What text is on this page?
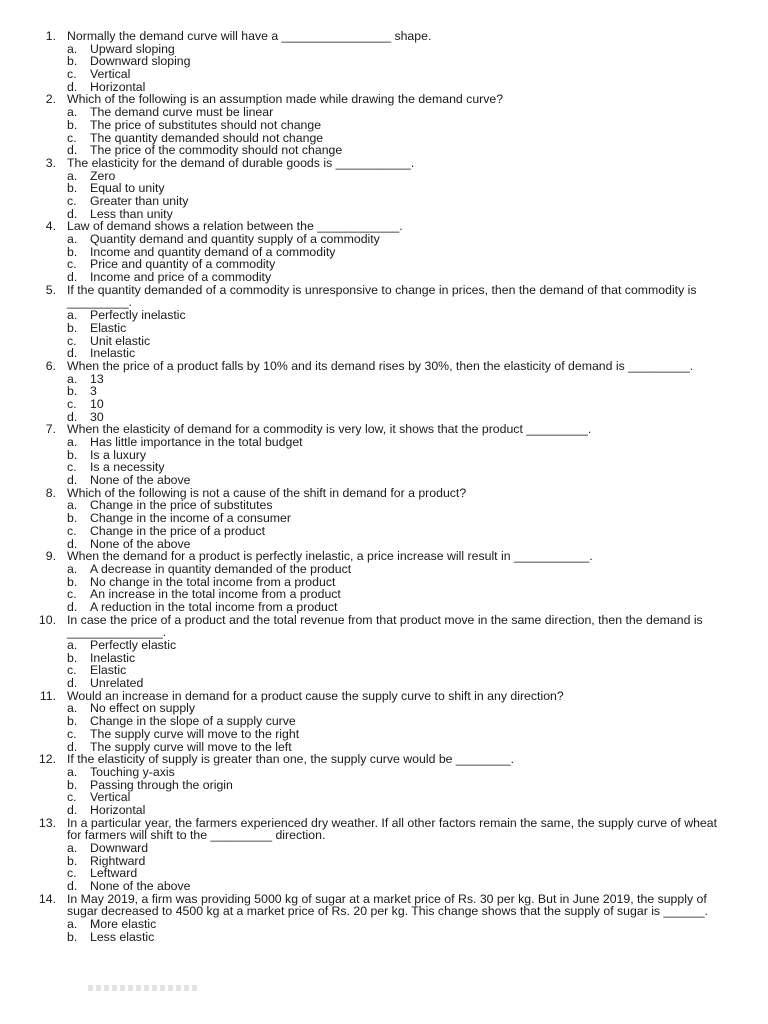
1. Normally the demand curve will have a ________________ shape.
a. Upward sloping
b. Downward sloping
c. Vertical
d. Horizontal
2. Which of the following is an assumption made while drawing the demand curve?
a. The demand curve must be linear
b. The price of substitutes should not change
c. The quantity demanded should not change
d. The price of the commodity should not change
3. The elasticity for the demand of durable goods is ___________.
a. Zero
b. Equal to unity
c. Greater than unity
d. Less than unity
4. Law of demand shows a relation between the ____________.
a. Quantity demand and quantity supply of a commodity
b. Income and quantity demand of a commodity
c. Price and quantity of a commodity
d. Income and price of a commodity
5. If the quantity demanded of a commodity is unresponsive to change in prices, then the demand of that commodity is _________.
a. Perfectly inelastic
b. Elastic
c. Unit elastic
d. Inelastic
6. When the price of a product falls by 10% and its demand rises by 30%, then the elasticity of demand is _________.
a. 13
b. 3
c. 10
d. 30
7. When the elasticity of demand for a commodity is very low, it shows that the product _________.
a. Has little importance in the total budget
b. Is a luxury
c. Is a necessity
d. None of the above
8. Which of the following is not a cause of the shift in demand for a product?
a. Change in the price of substitutes
b. Change in the income of a consumer
c. Change in the price of a product
d. None of the above
9. When the demand for a product is perfectly inelastic, a price increase will result in ___________.
a. A decrease in quantity demanded of the product
b. No change in the total income from a product
c. An increase in the total income from a product
d. A reduction in the total income from a product
10. In case the price of a product and the total revenue from that product move in the same direction, then the demand is ______________.
a. Perfectly elastic
b. Inelastic
c. Elastic
d. Unrelated
11. Would an increase in demand for a product cause the supply curve to shift in any direction?
a. No effect on supply
b. Change in the slope of a supply curve
c. The supply curve will move to the right
d. The supply curve will move to the left
12. If the elasticity of supply is greater than one, the supply curve would be ________.
a. Touching y-axis
b. Passing through the origin
c. Vertical
d. Horizontal
13. In a particular year, the farmers experienced dry weather. If all other factors remain the same, the supply curve of wheat for farmers will shift to the _________ direction.
a. Downward
b. Rightward
c. Leftward
d. None of the above
14. In May 2019, a firm was providing 5000 kg of sugar at a market price of Rs. 30 per kg. But in June 2019, the supply of sugar decreased to 4500 kg at a market price of Rs. 20 per kg. This change shows that the supply of sugar is ______.
a. More elastic
b. Less elastic
